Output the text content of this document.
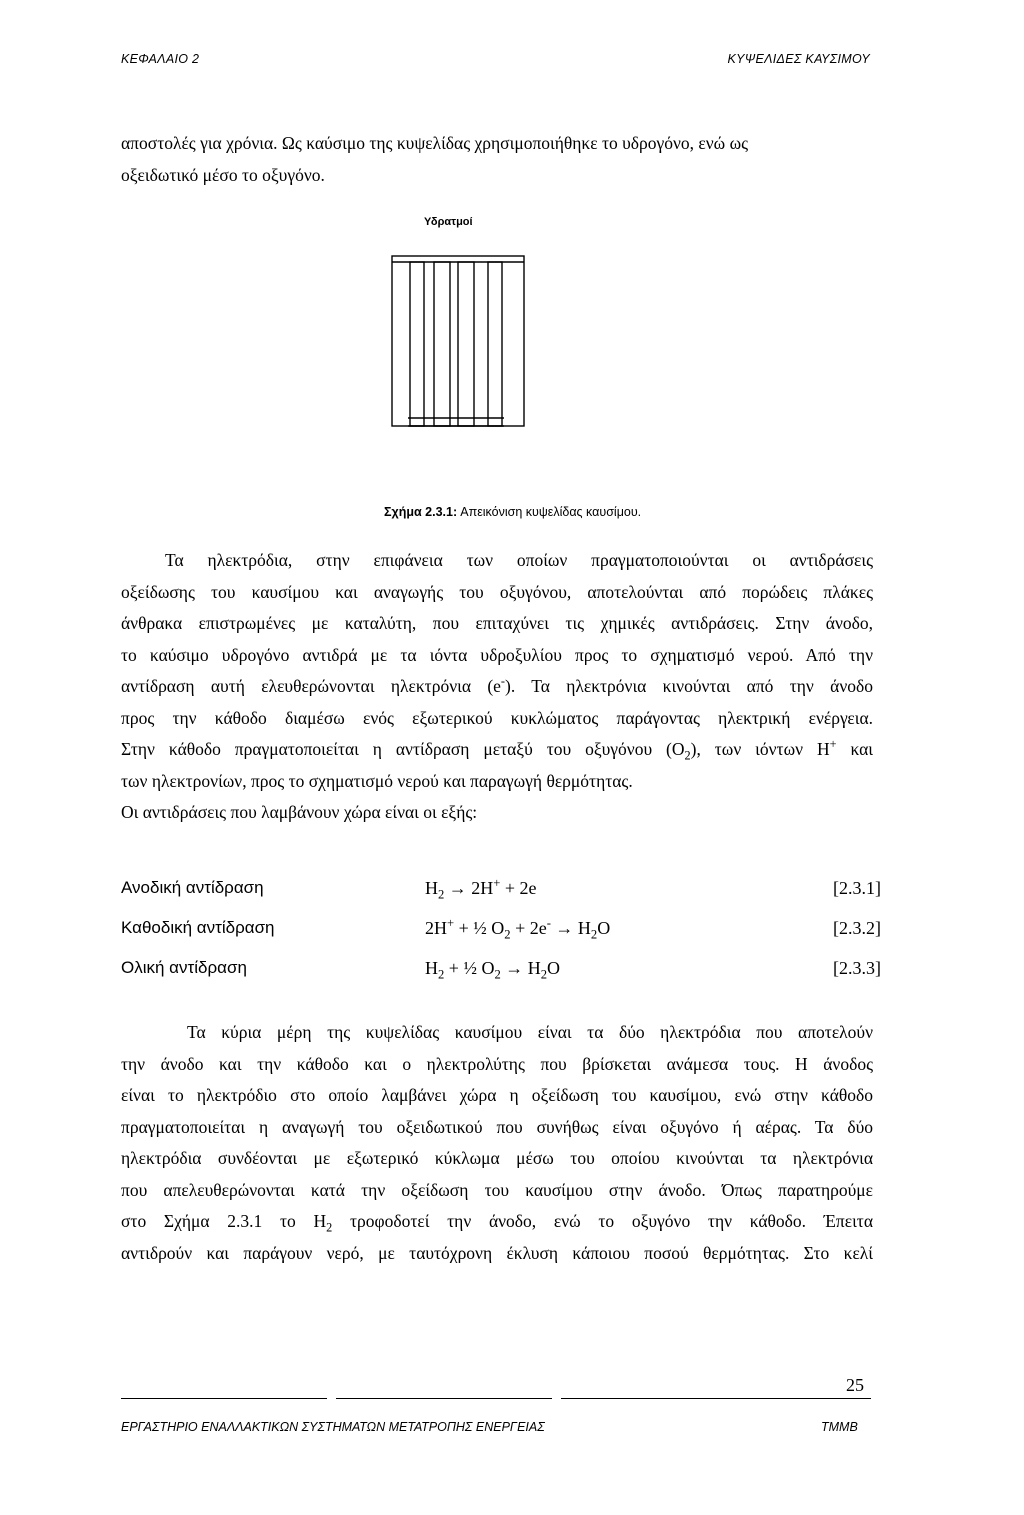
ΚΕΦΑΛΑΙΟ 2	ΚΥΨΕΛΙΔΕΣ ΚΑΥΣΙΜΟΥ
αποστολές για χρόνια. Ως καύσιμο της κυψελίδας χρησιμοποιήθηκε το υδρογόνο, ενώ ως
οξειδωτικό μέσο το οξυγόνο.
Υδρατμοί
Σχήμα 2.3.1: Απεικόνιση κυψελίδας καυσίμου.
Τα ηλεκτρόδια, στην επιφάνεια των οποίων πραγματοποιούνται οι αντιδράσεις
οξείδωσης του καυσίμου και αναγωγής του οξυγόνου, αποτελούνται από πορώδεις πλάκες
άνθρακα επιστρωμένες με καταλύτη, που επιταχύνει τις χημικές αντιδράσεις. Στην άνοδο,
το καύσιμο υδρογόνο αντιδρά με τα ιόντα υδροξυλίου προς το σχηματισμό νερού. Από την
αντίδραση αυτή ελευθερώνονται ηλεκτρόνια (e-). Τα ηλεκτρόνια κινούνται από την άνοδο
προς την κάθοδο διαμέσω ενός εξωτερικού κυκλώματος παράγοντας ηλεκτρική ενέργεια.
Στην κάθοδο πραγματοποιείται η αντίδραση μεταξύ του οξυγόνου $(O_2)$, των ιόντων H+ και
των ηλεκτρονίων, προς το σχηματισμό νερού και παραγωγή θερμότητας.
Οι αντιδράσεις που λαμβάνουν χώρα είναι οι εξής:
Ανοδική αντίδραση	$H_2 \to 2H^+ + 2e$	[2.3.1]
Καθοδική αντίδραση	2H+ + ½ $O_2 + 2e^- \to H_2O$	[2.3.2]
Ολική αντίδραση	$H_2$ + ½ $O_2 \to H_2O$	[2.3.3]
Τα κύρια μέρη της κυψελίδας καυσίμου είναι τα δύο ηλεκτρόδια που αποτελούν
την άνοδο και την κάθοδο και ο ηλεκτρολύτης που βρίσκεται ανάμεσα τους. Η άνοδος
είναι το ηλεκτρόδιο στο οποίο λαμβάνει χώρα η οξείδωση του καυσίμου, ενώ στην κάθοδο
πραγματοποιείται η αναγωγή του οξειδωτικού που συνήθως είναι οξυγόνο ή αέρας. Τα δύο
ηλεκτρόδια συνδέονται με εξωτερικό κύκλωμα μέσω του οποίου κινούνται τα ηλεκτρόνια
που απελευθερώνονται κατά την οξείδωση του καυσίμου στην άνοδο. Όπως παρατηρούμε
στο Σχήμα 2.3.1 το $H_2$ τροφοδοτεί την άνοδο, ενώ το οξυγόνο την κάθοδο. Έπειτα
αντιδρούν και παράγουν νερό, με ταυτόχρονη έκλυση κάποιου ποσού θερμότητας. Στο κελί
25
ΕΡΓΑΣΤΗΡΙΟ ΕΝΑΛΛΑΚΤΙΚΩΝ ΣΥΣΤΗΜΑΤΩΝ ΜΕΤΑΤΡΟΠΗΣ ΕΝΕΡΓΕΙΑΣ	ΤΜΜΒ
